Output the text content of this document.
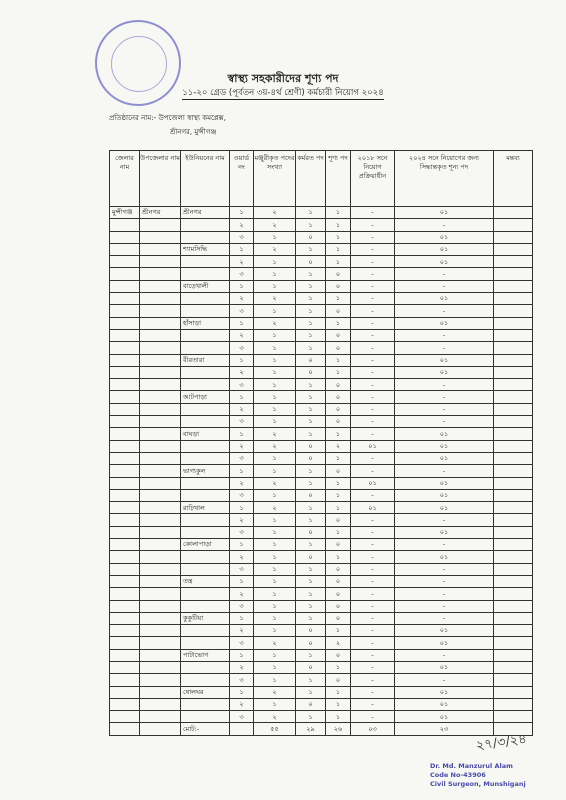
স্বাস্থ্য সহকারীদের শূণ্য পদ
১১-২০ গ্রেড (পূর্বতন ৩য়-৪র্থ শ্রেণী) কর্মচারী নিয়োগ ২০২৪
প্রতিষ্ঠানের নাম:- উপজেলা স্বাস্থ্য কমপ্লেক্স,
শ্রীনগর, মুন্সীগঞ্জ
জেলার নাম	উপজেলার নাম	ইউনিয়নের নাম	ওয়ার্ড নং	মঞ্জুরীকৃত পদের সংখ্যা	কর্মরত পদ	শূণ্য পদ	২০১৮ সনে নিয়োগ প্রক্রিয়াধীন	২০২৪ সনে নিয়োগের জন্য সিদ্ধান্তকৃত শূন্য পদ	মন্তব্য
মুন্সীগঞ্জ	শ্রীনগর	শ্রীনগর	১	২	১	১	-	০১	
			২	২	১	১	-	-	
			৩	১	০	১	-	০১	
		শ্যামসিদ্ধি	১	২	১	১	-	০১	
			২	১	০	১	-	০১	
			৩	১	১	০	-	-	
		বাড়েখালী	১	১	১	০	-	-	
			২	২	১	১	-	০১	
			৩	১	১	০	-	-	
		হাঁসাড়া	১	২	১	১	-	০১	
			২	১	১	০	-	-	
			৩	১	১	০	-	-	
		বীরতারা	১	১	০	১	-	০১	
			২	১	০	১	-	০১	
			৩	১	১	০	-	-	
		আটপাড়া	১	১	১	০	-	-	
			২	১	১	০	-	-	
			৩	১	১	০	-	-	
		বাঘড়া	১	২	১	১	-	০১	
			২	২	০	২	০১	০১	
			৩	১	০	১	-	০১	
		ভাগ্যকুল	১	১	১	০	-	-	
			২	২	১	১	০১	০১	
			৩	১	০	১	-	০১	
		রাঢ়িখাল	১	২	১	১	০১	০১	
			২	১	১	০	-	-	
			৩	১	০	১	-	০১	
		কোলাপাড়া	১	১	১	০	-	-	
			২	১	০	১	-	০১	
			৩	১	১	০	-	-	
		তন্ত্র	১	১	১	০	-	-	
			২	১	১	০	-	-	
			৩	১	১	০	-	-	
		কুকুটিয়া	১	১	১	০	-	-	
			২	১	০	১	-	০১	
			৩	২	০	২	-	০১	
		পাটাভোগ	১	১	১	০	-	-	
			২	১	০	১	-	০১	
			৩	১	১	০	-	-	
		ষোলঘর	১	২	১	১	-	০১	
			২	১	০	১	-	০১	
			৩	২	১	১	-	০১	
		মোট:-		৫৫	২৯	২৬	০৩	২৩	
২৭/৩/২৪
Dr. Md. Manzurul Alam
Code No-43906
Civil Surgeon, Munshiganj
